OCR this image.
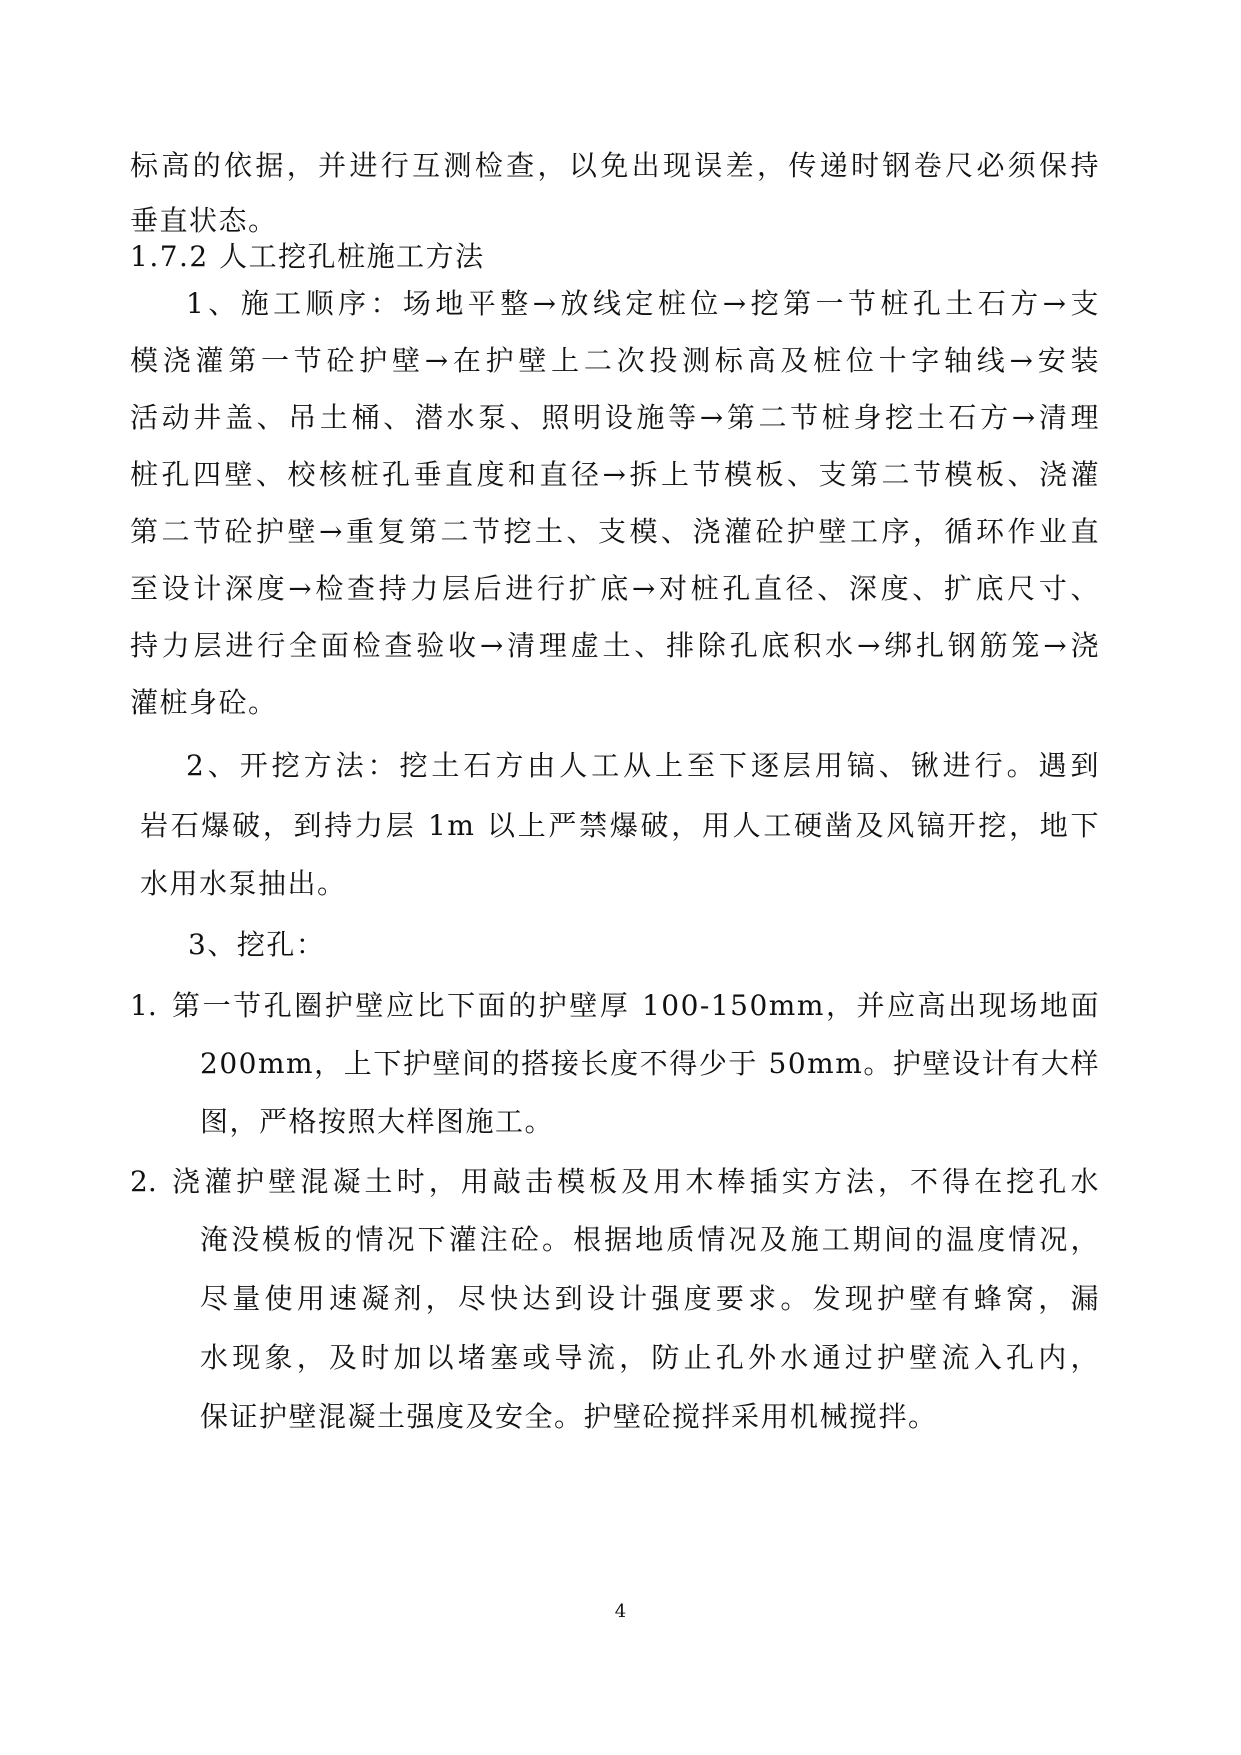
标高的依据，并进行互测检查，以免出现误差，传递时钢卷尺必须保持
垂直状态。
1.7.2 人工挖孔桩施工方法
1、施工顺序：场地平整→放线定桩位→挖第一节桩孔土石方→支
模浇灌第一节砼护壁→在护壁上二次投测标高及桩位十字轴线→安装
活动井盖、吊土桶、潜水泵、照明设施等→第二节桩身挖土石方→清理
桩孔四壁、校核桩孔垂直度和直径→拆上节模板、支第二节模板、浇灌
第二节砼护壁→重复第二节挖土、支模、浇灌砼护壁工序，循环作业直
至设计深度→检查持力层后进行扩底→对桩孔直径、深度、扩底尺寸、
持力层进行全面检查验收→清理虚土、排除孔底积水→绑扎钢筋笼→浇
灌桩身砼。
2、开挖方法：挖土石方由人工从上至下逐层用镐、锹进行。遇到
岩石爆破，到持力层 1m 以上严禁爆破，用人工硬凿及风镐开挖，地下
水用水泵抽出。
3、挖孔：
1. 第一节孔圈护壁应比下面的护壁厚 100-150mm，并应高出现场地面
200mm，上下护壁间的搭接长度不得少于 50mm。护壁设计有大样
图，严格按照大样图施工。
2. 浇灌护壁混凝土时，用敲击模板及用木棒插实方法，不得在挖孔水
淹没模板的情况下灌注砼。根据地质情况及施工期间的温度情况，
尽量使用速凝剂，尽快达到设计强度要求。发现护壁有蜂窝，漏
水现象，及时加以堵塞或导流，防止孔外水通过护壁流入孔内，
保证护壁混凝土强度及安全。护壁砼搅拌采用机械搅拌。
4
